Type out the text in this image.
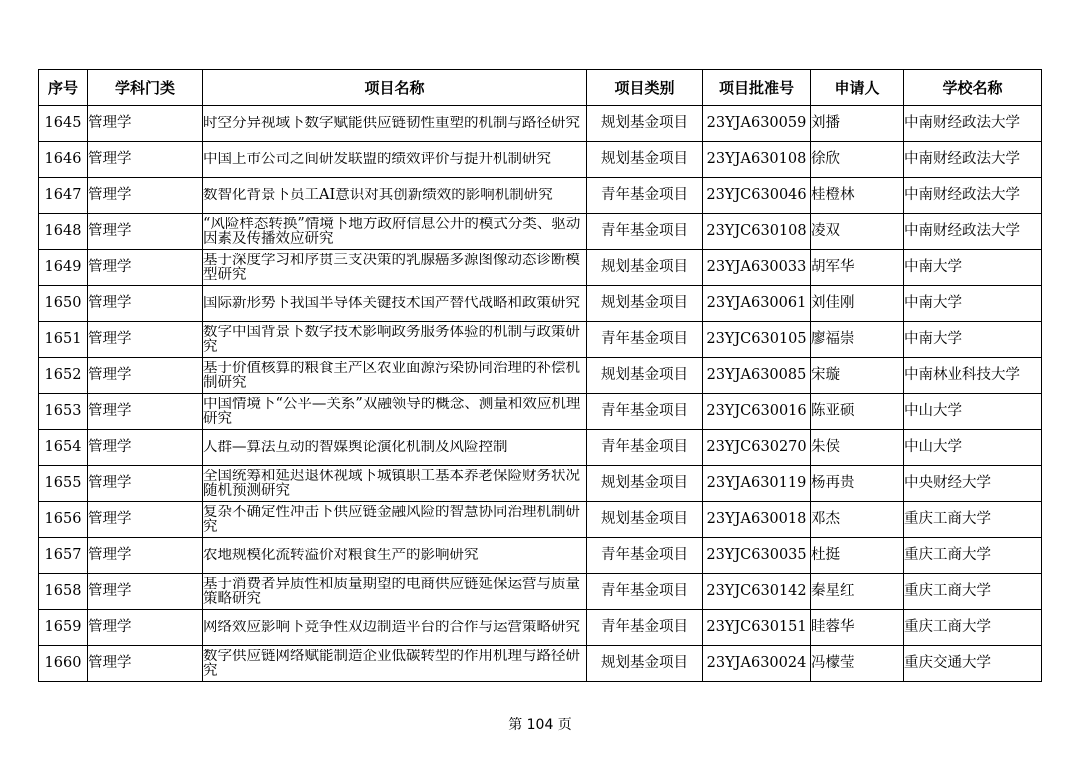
序号	学科门类	项目名称	项目类别	项目批准号	申请人	学校名称
1645	管理学	时空分异视域下数字赋能供应链韧性重塑的机制与路径研究	规划基金项目	23YJA630059	刘播	中南财经政法大学
1646	管理学	中国上市公司之间研发联盟的绩效评价与提升机制研究	规划基金项目	23YJA630108	徐欣	中南财经政法大学
1647	管理学	数智化背景下员工AI意识对其创新绩效的影响机制研究	青年基金项目	23YJC630046	桂橙林	中南财经政法大学
1648	管理学	“风险样态转换”情境下地方政府信息公开的模式分类、驱动因素及传播效应研究	青年基金项目	23YJC630108	凌双	中南财经政法大学
1649	管理学	基于深度学习和序贯三支决策的乳腺癌多源图像动态诊断模型研究	规划基金项目	23YJA630033	胡军华	中南大学
1650	管理学	国际新形势下我国半导体关键技术国产替代战略和政策研究	规划基金项目	23YJA630061	刘佳刚	中南大学
1651	管理学	数字中国背景下数字技术影响政务服务体验的机制与政策研究	青年基金项目	23YJC630105	廖福崇	中南大学
1652	管理学	基于价值核算的粮食主产区农业面源污染协同治理的补偿机制研究	规划基金项目	23YJA630085	宋璇	中南林业科技大学
1653	管理学	中国情境下“公平—关系”双融领导的概念、测量和效应机理研究	青年基金项目	23YJC630016	陈亚硕	中山大学
1654	管理学	人群—算法互动的智媒舆论演化机制及风险控制	青年基金项目	23YJC630270	朱侯	中山大学
1655	管理学	全国统筹和延迟退休视域下城镇职工基本养老保险财务状况随机预测研究	规划基金项目	23YJA630119	杨再贵	中央财经大学
1656	管理学	复杂不确定性冲击下供应链金融风险的智慧协同治理机制研究	规划基金项目	23YJA630018	邓杰	重庆工商大学
1657	管理学	农地规模化流转溢价对粮食生产的影响研究	青年基金项目	23YJC630035	杜挺	重庆工商大学
1658	管理学	基于消费者异质性和质量期望的电商供应链延保运营与质量策略研究	青年基金项目	23YJC630142	秦星红	重庆工商大学
1659	管理学	网络效应影响下竞争性双边制造平台的合作与运营策略研究	青年基金项目	23YJC630151	眭蓉华	重庆工商大学
1660	管理学	数字供应链网络赋能制造企业低碳转型的作用机理与路径研究	规划基金项目	23YJA630024	冯檬莹	重庆交通大学
第 104 页
